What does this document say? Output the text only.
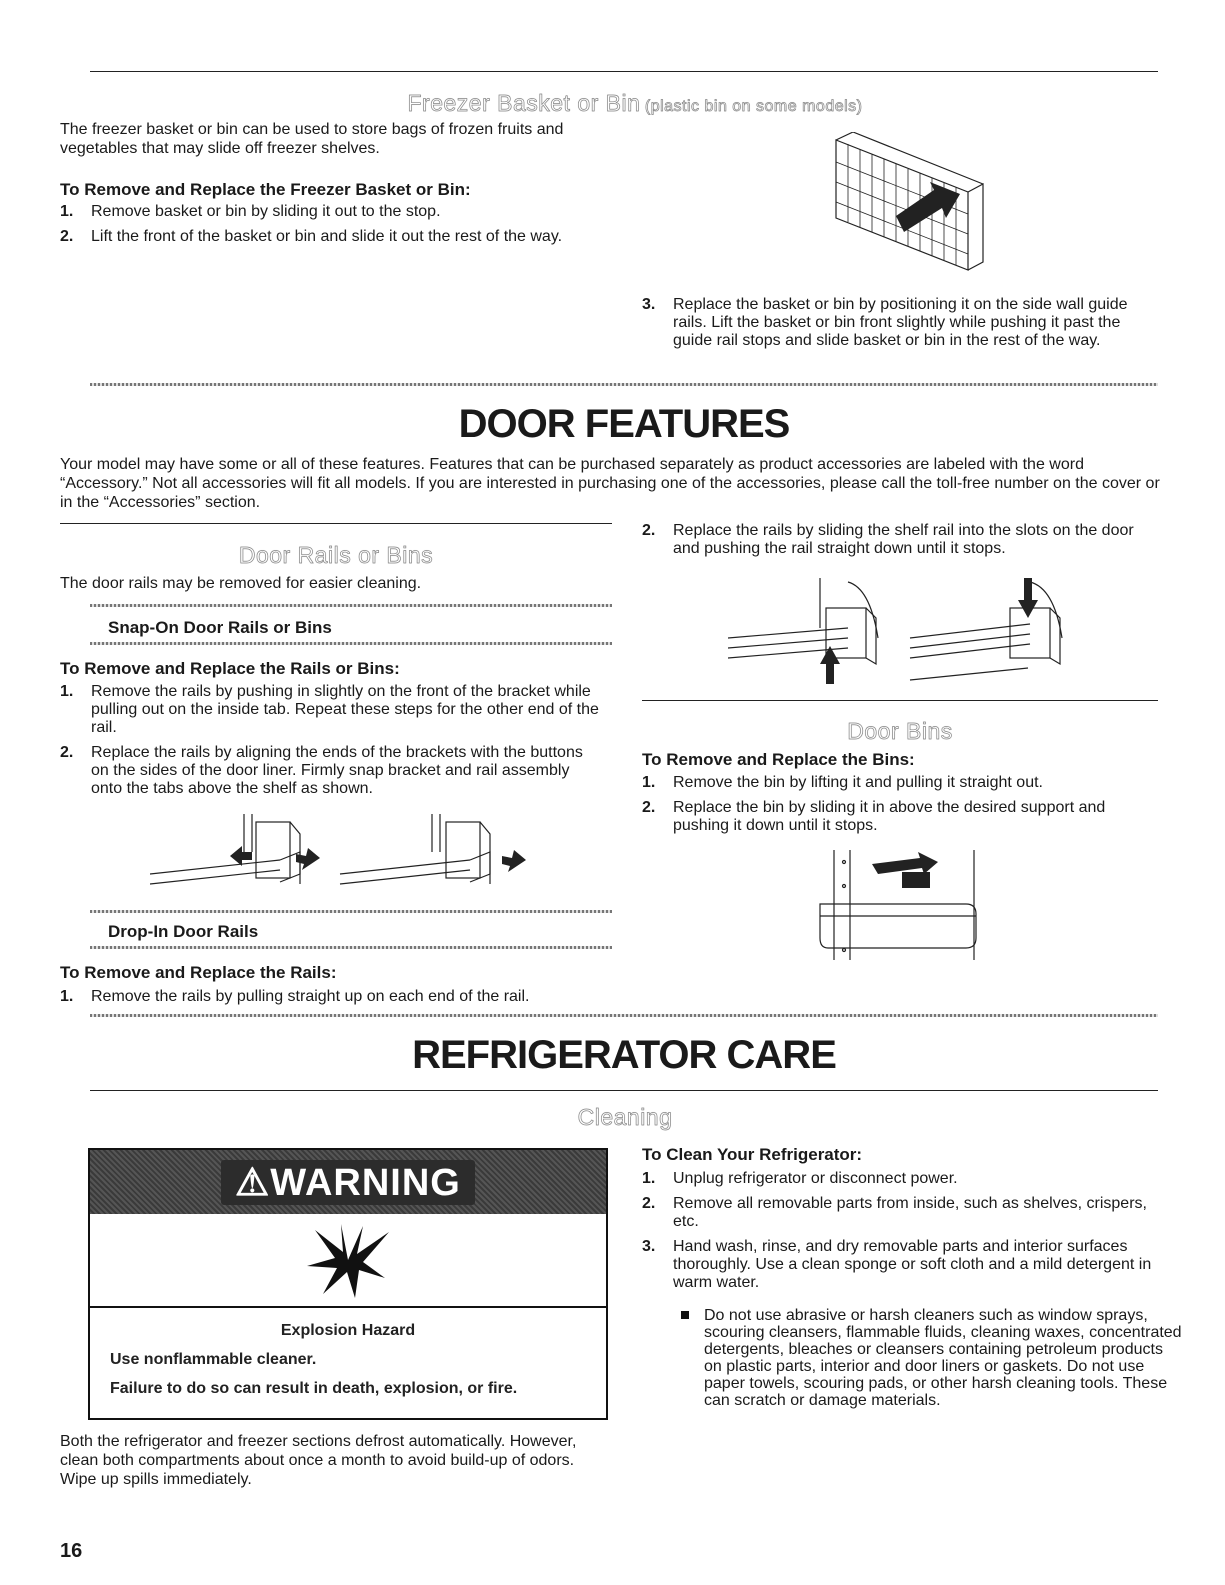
Freezer Basket or Bin (plastic bin on some models)

The freezer basket or bin can be used to store bags of frozen fruits and vegetables that may slide off freezer shelves.

To Remove and Replace the Freezer Basket or Bin:
1. Remove basket or bin by sliding it out to the stop.
2. Lift the front of the basket or bin and slide it out the rest of the way.
3. Replace the basket or bin by positioning it on the side wall guide rails. Lift the basket or bin front slightly while pushing it past the guide rail stops and slide basket or bin in the rest of the way.
DOOR FEATURES

Your model may have some or all of these features. Features that can be purchased separately as product accessories are labeled with the word “Accessory.” Not all accessories will fit all models. If you are interested in purchasing one of the accessories, please call the toll-free number on the cover or in the “Accessories” section.

Door Rails or Bins

The door rails may be removed for easier cleaning.

Snap-On Door Rails or Bins
To Remove and Replace the Rails or Bins:
1. Remove the rails by pushing in slightly on the front of the bracket while pulling out on the inside tab. Repeat these steps for the other end of the rail.
2. Replace the rails by aligning the ends of the brackets with the buttons on the sides of the door liner. Firmly snap bracket and rail assembly onto the tabs above the shelf as shown.
Drop-In Door Rails
To Remove and Replace the Rails:
1. Remove the rails by pulling straight up on each end of the rail.
2. Replace the rails by sliding the shelf rail into the slots on the door and pushing the rail straight down until it stops.
Door Bins
To Remove and Replace the Bins:
1. Remove the bin by lifting it and pulling it straight out.
2. Replace the bin by sliding it in above the desired support and pushing it down until it stops.
REFRIGERATOR CARE
Cleaning
⚠WARNING
Explosion Hazard
Use nonflammable cleaner.
Failure to do so can result in death, explosion, or fire.

Both the refrigerator and freezer sections defrost automatically. However, clean both compartments about once a month to avoid build-up of odors. Wipe up spills immediately.

To Clean Your Refrigerator:
1. Unplug refrigerator or disconnect power.
2. Remove all removable parts from inside, such as shelves, crispers, etc.
3. Hand wash, rinse, and dry removable parts and interior surfaces thoroughly. Use a clean sponge or soft cloth and a mild detergent in warm water.
Do not use abrasive or harsh cleaners such as window sprays, scouring cleansers, flammable fluids, cleaning waxes, concentrated detergents, bleaches or cleansers containing petroleum products on plastic parts, interior and door liners or gaskets. Do not use paper towels, scouring pads, or other harsh cleaning tools. These can scratch or damage materials.
16
